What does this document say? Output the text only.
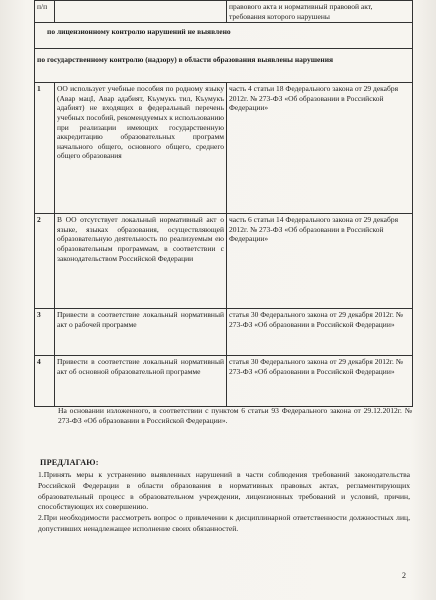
п/п		правового акта и нормативный правовой акт, требования которого нарушены
по лицензионному контролю нарушений не выявлено		
по государственному контролю (надзору) в области образования выявлены нарушения		
1	ОО использует учебные пособия по родному языку (Авар мацI, Авар адабият, Къумукъ тил, Къумукъ адабият) не входящих в федеральный перечень учебных пособий, рекомендуемых к использованию при реализации имеющих государственную аккредитацию образовательных программ начального общего, основного общего, среднего общего образования	часть 4 статьи 18 Федерального закона от 29 декабря 2012г. № 273-ФЗ «Об образовании в Российской Федерации»
2	В ОО отсутствует локальный нормативный акт о языке, языках образования, осуществляющей образовательную деятельность по реализуемым ею образовательным программам, в соответствии с законодательством Российской Федерации	часть 6 статьи 14 Федерального закона от 29 декабря 2012г. № 273-ФЗ «Об образовании в Российской Федерации»
3	Привести в соответствие локальный нормативный акт о рабочей программе	статья 30 Федерального закона от 29 декабря 2012г. № 273-ФЗ «Об образовании в Российской Федерации»
4	Привести в соответствие локальный нормативный акт об основной образовательной программе	статья 30 Федерального закона от 29 декабря 2012г. № 273-ФЗ «Об образовании в Российской Федерации»
На основании изложенного, в соответствии с пунктом 6 статьи 93 Федерального закона от 29.12.2012г. № 273-ФЗ «Об образовании в Российской Федерации».
ПРЕДЛАГАЮ:

1.Принять меры к устранению выявленных нарушений в части соблюдения требований законодательства Российской Федерации в области образования в нормативных правовых актах, регламентирующих образовательный процесс в образовательном учреждении, лицензионных требований и условий, причин, способствующих их совершению.

2.При необходимости рассмотреть вопрос о привлечении к дисциплинарной ответственности должностных лиц, допустивших ненадлежащее исполнение своих обязанностей.

2
